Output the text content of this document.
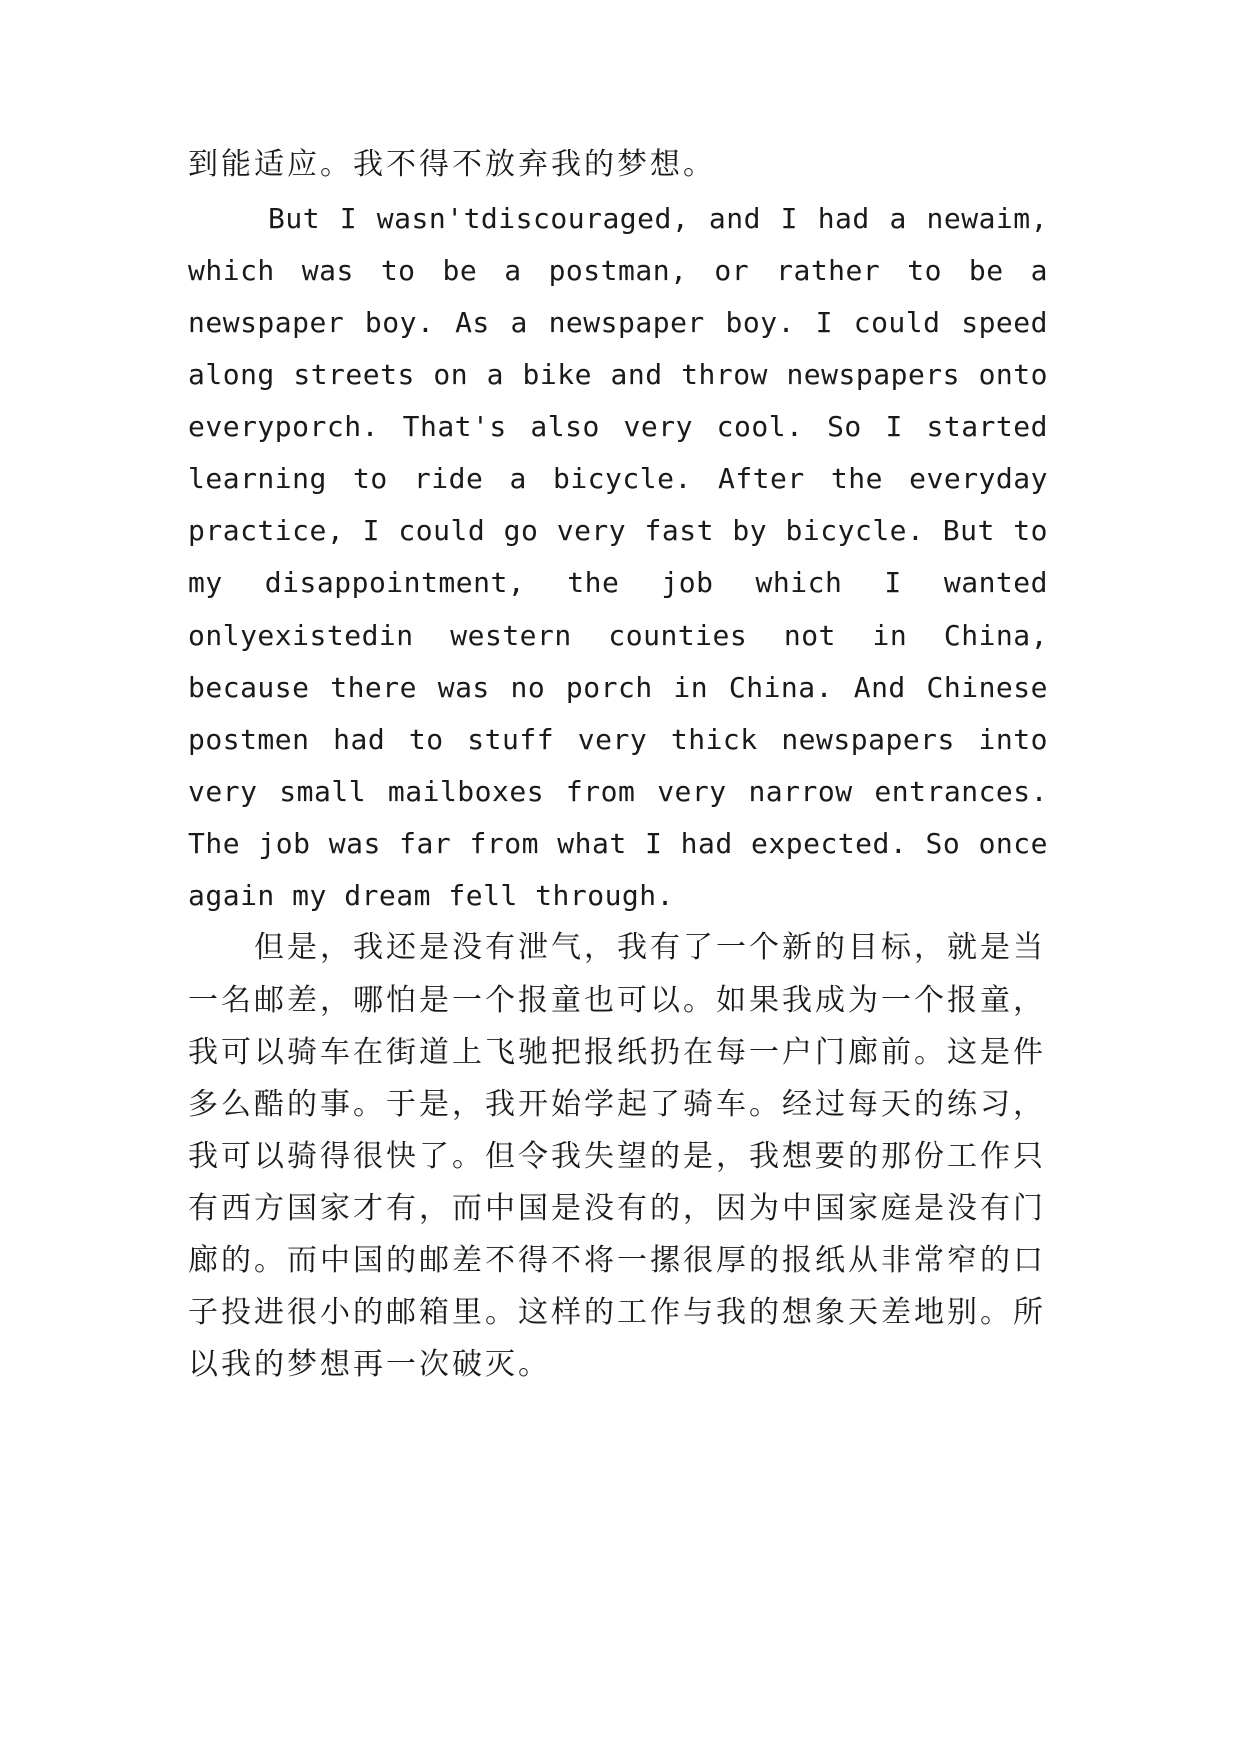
到能适应。我不得不放弃我的梦想。
But I wasn'tdiscouraged, and I had a newaim,
which was to be a postman, or rather to be a
newspaper boy. As a newspaper boy. I could speed
along streets on a bike and throw newspapers onto
everyporch. That's also very cool. So I started
learning to ride a bicycle. After the everyday
practice, I could go very fast by bicycle. But to
my disappointment, the job which I wanted
onlyexistedin western counties not in China,
because there was no porch in China. And Chinese
postmen had to stuff very thick newspapers into
very small mailboxes from very narrow entrances.
The job was far from what I had expected. So once
again my dream fell through.
但是，我还是没有泄气，我有了一个新的目标，就是当
一名邮差，哪怕是一个报童也可以。如果我成为一个报童，
我可以骑车在街道上飞驰把报纸扔在每一户门廊前。这是件
多么酷的事。于是，我开始学起了骑车。经过每天的练习，
我可以骑得很快了。但令我失望的是，我想要的那份工作只
有西方国家才有，而中国是没有的，因为中国家庭是没有门
廊的。而中国的邮差不得不将一摞很厚的报纸从非常窄的口
子投进很小的邮箱里。这样的工作与我的想象天差地别。所
以我的梦想再一次破灭。
